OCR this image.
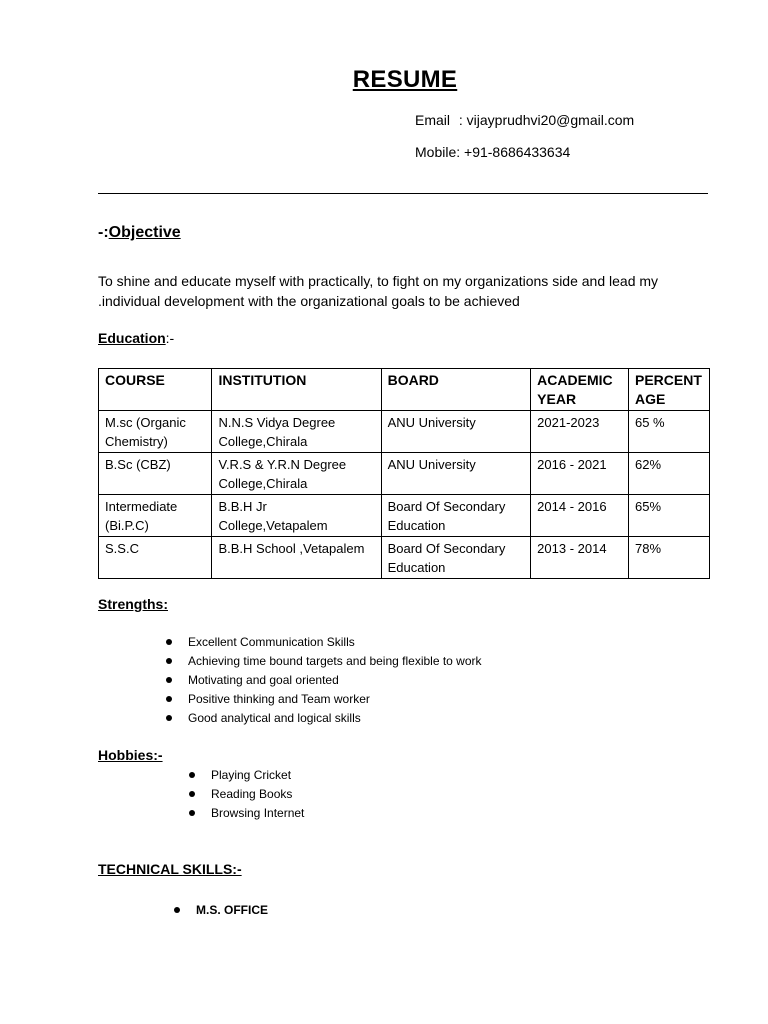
RESUME
Email : vijayprudhvi20@gmail.com
Mobile: +91-8686433634
-:Objective
To shine and educate myself with practically, to fight on my organizations side and lead my .individual development with the organizational goals to be achieved
Education:-
COURSE	INSTITUTION	BOARD	ACADEMIC YEAR	PERCENT AGE
M.sc (Organic Chemistry)	N.N.S Vidya Degree College,Chirala	ANU University	2021-2023	65 %
B.Sc (CBZ)	V.R.S & Y.R.N Degree College,Chirala	ANU University	2016 - 2021	62%
Intermediate (Bi.P.C)	B.B.H Jr College,Vetapalem	Board Of Secondary Education	2014 - 2016	65%
S.S.C	B.B.H School ,Vetapalem	Board Of Secondary Education	2013 - 2014	78%
Strengths:
Excellent Communication Skills
Achieving time bound targets and being flexible to work
Motivating and goal oriented
Positive thinking and Team worker
Good analytical and logical skills
Hobbies:-
Playing Cricket
Reading Books
Browsing Internet
TECHNICAL SKILLS:-
M.S. OFFICE
